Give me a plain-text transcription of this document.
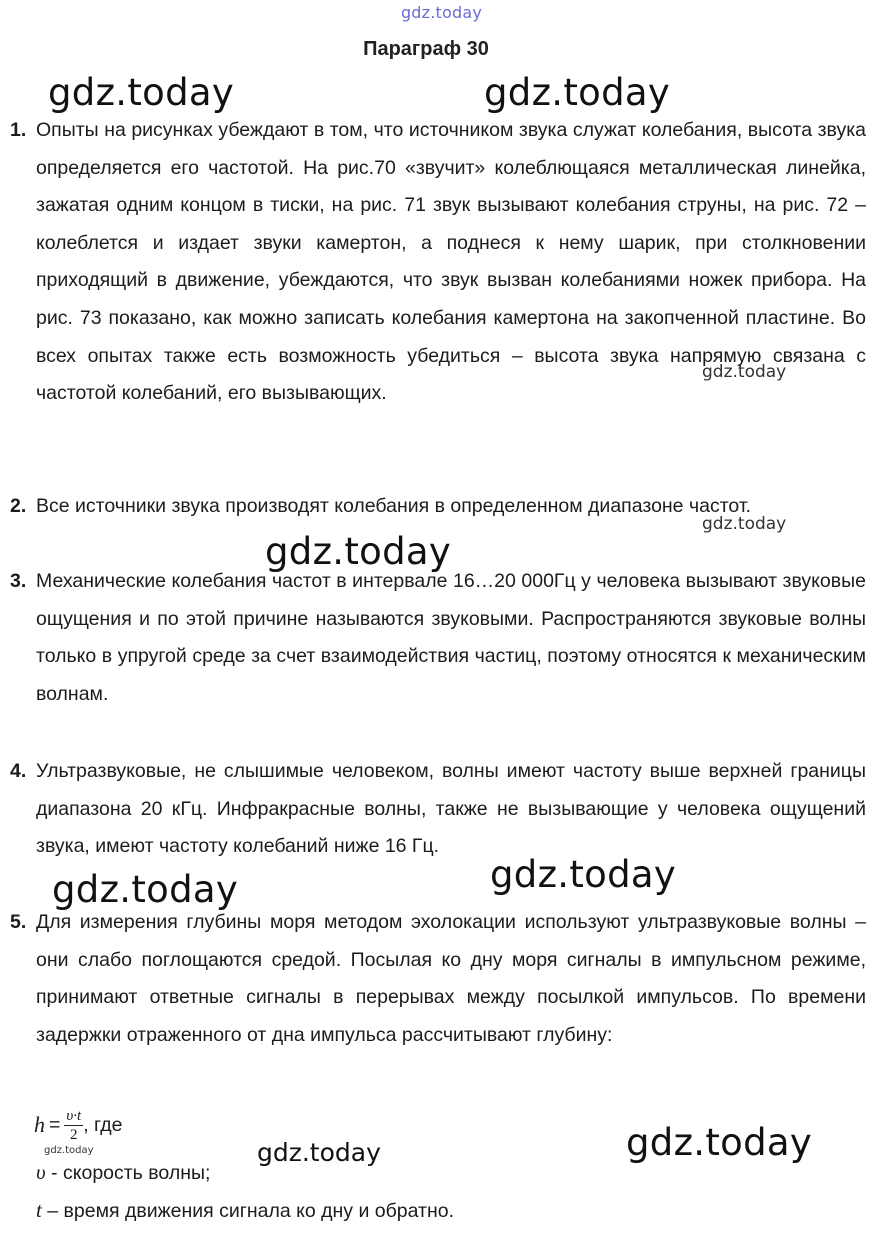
gdz.today
Параграф 30
1. Опыты на рисунках убеждают в том, что источником звука служат колебания, высота звука определяется его частотой. На рис.70 «звучит» колеблющаяся металлическая линейка, зажатая одним концом в тиски, на рис. 71 звук вызывают колебания струны, на рис. 72 – колеблется и издает звуки камертон, а поднеся к нему шарик, при столкновении приходящий в движение, убеждаются, что звук вызван колебаниями ножек прибора. На рис. 73 показано, как можно записать колебания камертона на закопченной пластине. Во всех опытах также есть возможность убедиться – высота звука напрямую связана с частотой колебаний, его вызывающих.
2. Все источники звука производят колебания в определенном диапазоне частот.
3. Механические колебания частот в интервале 16…20 000Гц у человека вызывают звуковые ощущения и по этой причине называются звуковыми. Распространяются звуковые волны только в упругой среде за счет взаимодействия частиц, поэтому относятся к механическим волнам.
4. Ультразвуковые, не слышимые человеком, волны имеют частоту выше верхней границы диапазона 20 кГц. Инфракрасные волны, также не вызывающие у человека ощущений звука, имеют частоту колебаний ниже 16 Гц.
5. Для измерения глубины моря методом эхолокации используют ультразвуковые волны – они слабо поглощаются средой. Посылая ко дну моря сигналы в импульсном режиме, принимают ответные сигналы в перерывах между посылкой импульсов. По времени задержки отраженного от дна импульса рассчитывают глубину:
$h = \frac{\upsilon\cdot t}{2}$ , где
υ - скорость волны;
t – время движения сигнала ко дну и обратно.
gdz.today	gdz.today
gdz.today
gdz.today
gdz.today
gdz.today	gdz.today
gdz.today	gdz.today	gdz.today
